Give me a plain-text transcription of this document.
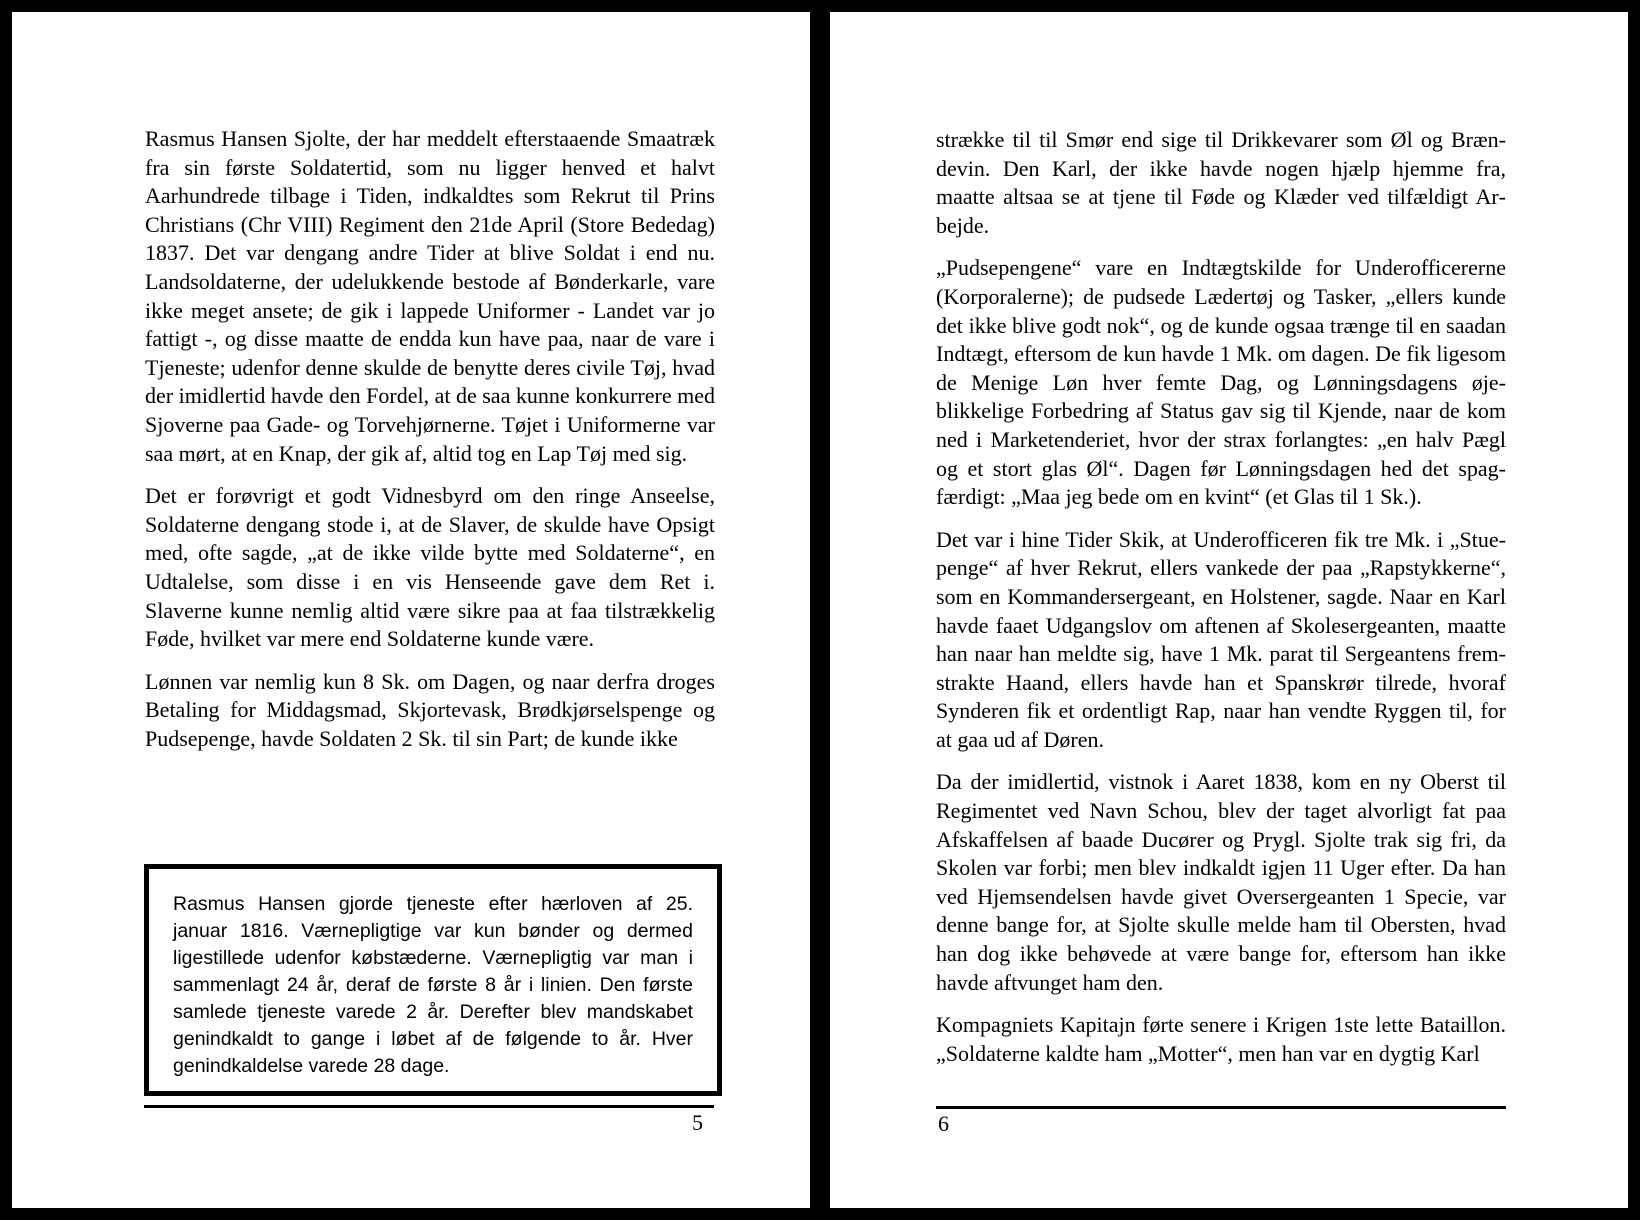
Rasmus Hansen Sjolte, der har meddelt efterstaaende Smaatræk fra sin første Soldatertid, som nu ligger henved et halvt Aarhundrede tilbage i Tiden, indkaldtes som Rekrut til Prins Christians (Chr VIII) Regiment den 21de April (Store Bededag) 1837. Det var dengang andre Tider at blive Soldat i end nu. Landsoldaterne, der udelukkende bestode af Bønderkarle, vare ikke meget ansete; de gik i lappede Uniformer - Landet var jo fattigt -, og disse maatte de endda kun have paa, naar de vare i Tjeneste; udenfor denne skulde de benytte deres civile Tøj, hvad der imidlertid havde den Fordel, at de saa kunne konkurrere med Sjoverne paa Gade- og Torvehjørnerne. Tøjet i Uniformerne var saa mørt, at en Knap, der gik af, altid tog en Lap Tøj med sig.

Det er forøvrigt et godt Vidnesbyrd om den ringe Anseelse, Soldaterne dengang stode i, at de Slaver, de skulde have Opsigt med, ofte sagde, „at de ikke vilde bytte med Soldaterne“, en Udtalelse, som disse i en vis Henseende gave dem Ret i. Slaverne kunne nemlig altid være sikre paa at faa tilstrækkelig Føde, hvilket var mere end Soldaterne kunde være.

Lønnen var nemlig kun 8 Sk. om Dagen, og naar derfra droges Betaling for Middagsmad, Skjortevask, Brødkjørselspenge og Pudsepenge, havde Soldaten 2 Sk. til sin Part; de kunde ikke

Rasmus Hansen gjorde tjeneste efter hærloven af 25. januar 1816. Værnepligtige var kun bønder og dermed ligestillede udenfor købstæderne. Værnepligtig var man i sammenlagt 24 år, deraf de første 8 år i linien. Den første samlede tjeneste varede 2 år. Derefter blev mandskabet genindkaldt to gange i løbet af de følgende to år. Hver genindkaldelse varede 28 dage.
5

strække til til Smør end sige til Drikkevarer som Øl og Brændevin. Den Karl, der ikke havde nogen hjælp hjemme fra, maatte altsaa se at tjene til Føde og Klæder ved tilfældigt Arbejde.

„Pudsepengene“ vare en Indtægtskilde for Underofficererne (Korporalerne); de pudsede Lædertøj og Tasker, „ellers kunde det ikke blive godt nok“, og de kunde ogsaa trænge til en saadan Indtægt, eftersom de kun havde 1 Mk. om dagen. De fik ligesom de Menige Løn hver femte Dag, og Lønningsdagens øjeblikkelige Forbedring af Status gav sig til Kjende, naar de kom ned i Marketenderiet, hvor der strax forlangtes: „en halv Pægl og et stort glas Øl“. Dagen før Lønningsdagen hed det spagfærdigt: „Maa jeg bede om en kvint“ (et Glas til 1 Sk.).

Det var i hine Tider Skik, at Underofficeren fik tre Mk. i „Stuepenge“ af hver Rekrut, ellers vankede der paa „Rapstykkerne“, som en Kommandersergeant, en Holstener, sagde. Naar en Karl havde faaet Udgangslov om aftenen af Skolesergeanten, maatte han naar han meldte sig, have 1 Mk. parat til Sergeantens fremstrakte Haand, ellers havde han et Spanskrør tilrede, hvoraf Synderen fik et ordentligt Rap, naar han vendte Ryggen til, for at gaa ud af Døren.

Da der imidlertid, vistnok i Aaret 1838, kom en ny Oberst til Regimentet ved Navn Schou, blev der taget alvorligt fat paa Afskaffelsen af baade Ducører og Prygl. Sjolte trak sig fri, da Skolen var forbi; men blev indkaldt igjen 11 Uger efter. Da han ved Hjemsendelsen havde givet Oversergeanten 1 Specie, var denne bange for, at Sjolte skulle melde ham til Obersten, hvad han dog ikke behøvede at være bange for, eftersom han ikke havde aftvunget ham den.

Kompagniets Kapitajn førte senere i Krigen 1ste lette Bataillon. „Soldaterne kaldte ham „Motter“, men han var en dygtig Karl

6
